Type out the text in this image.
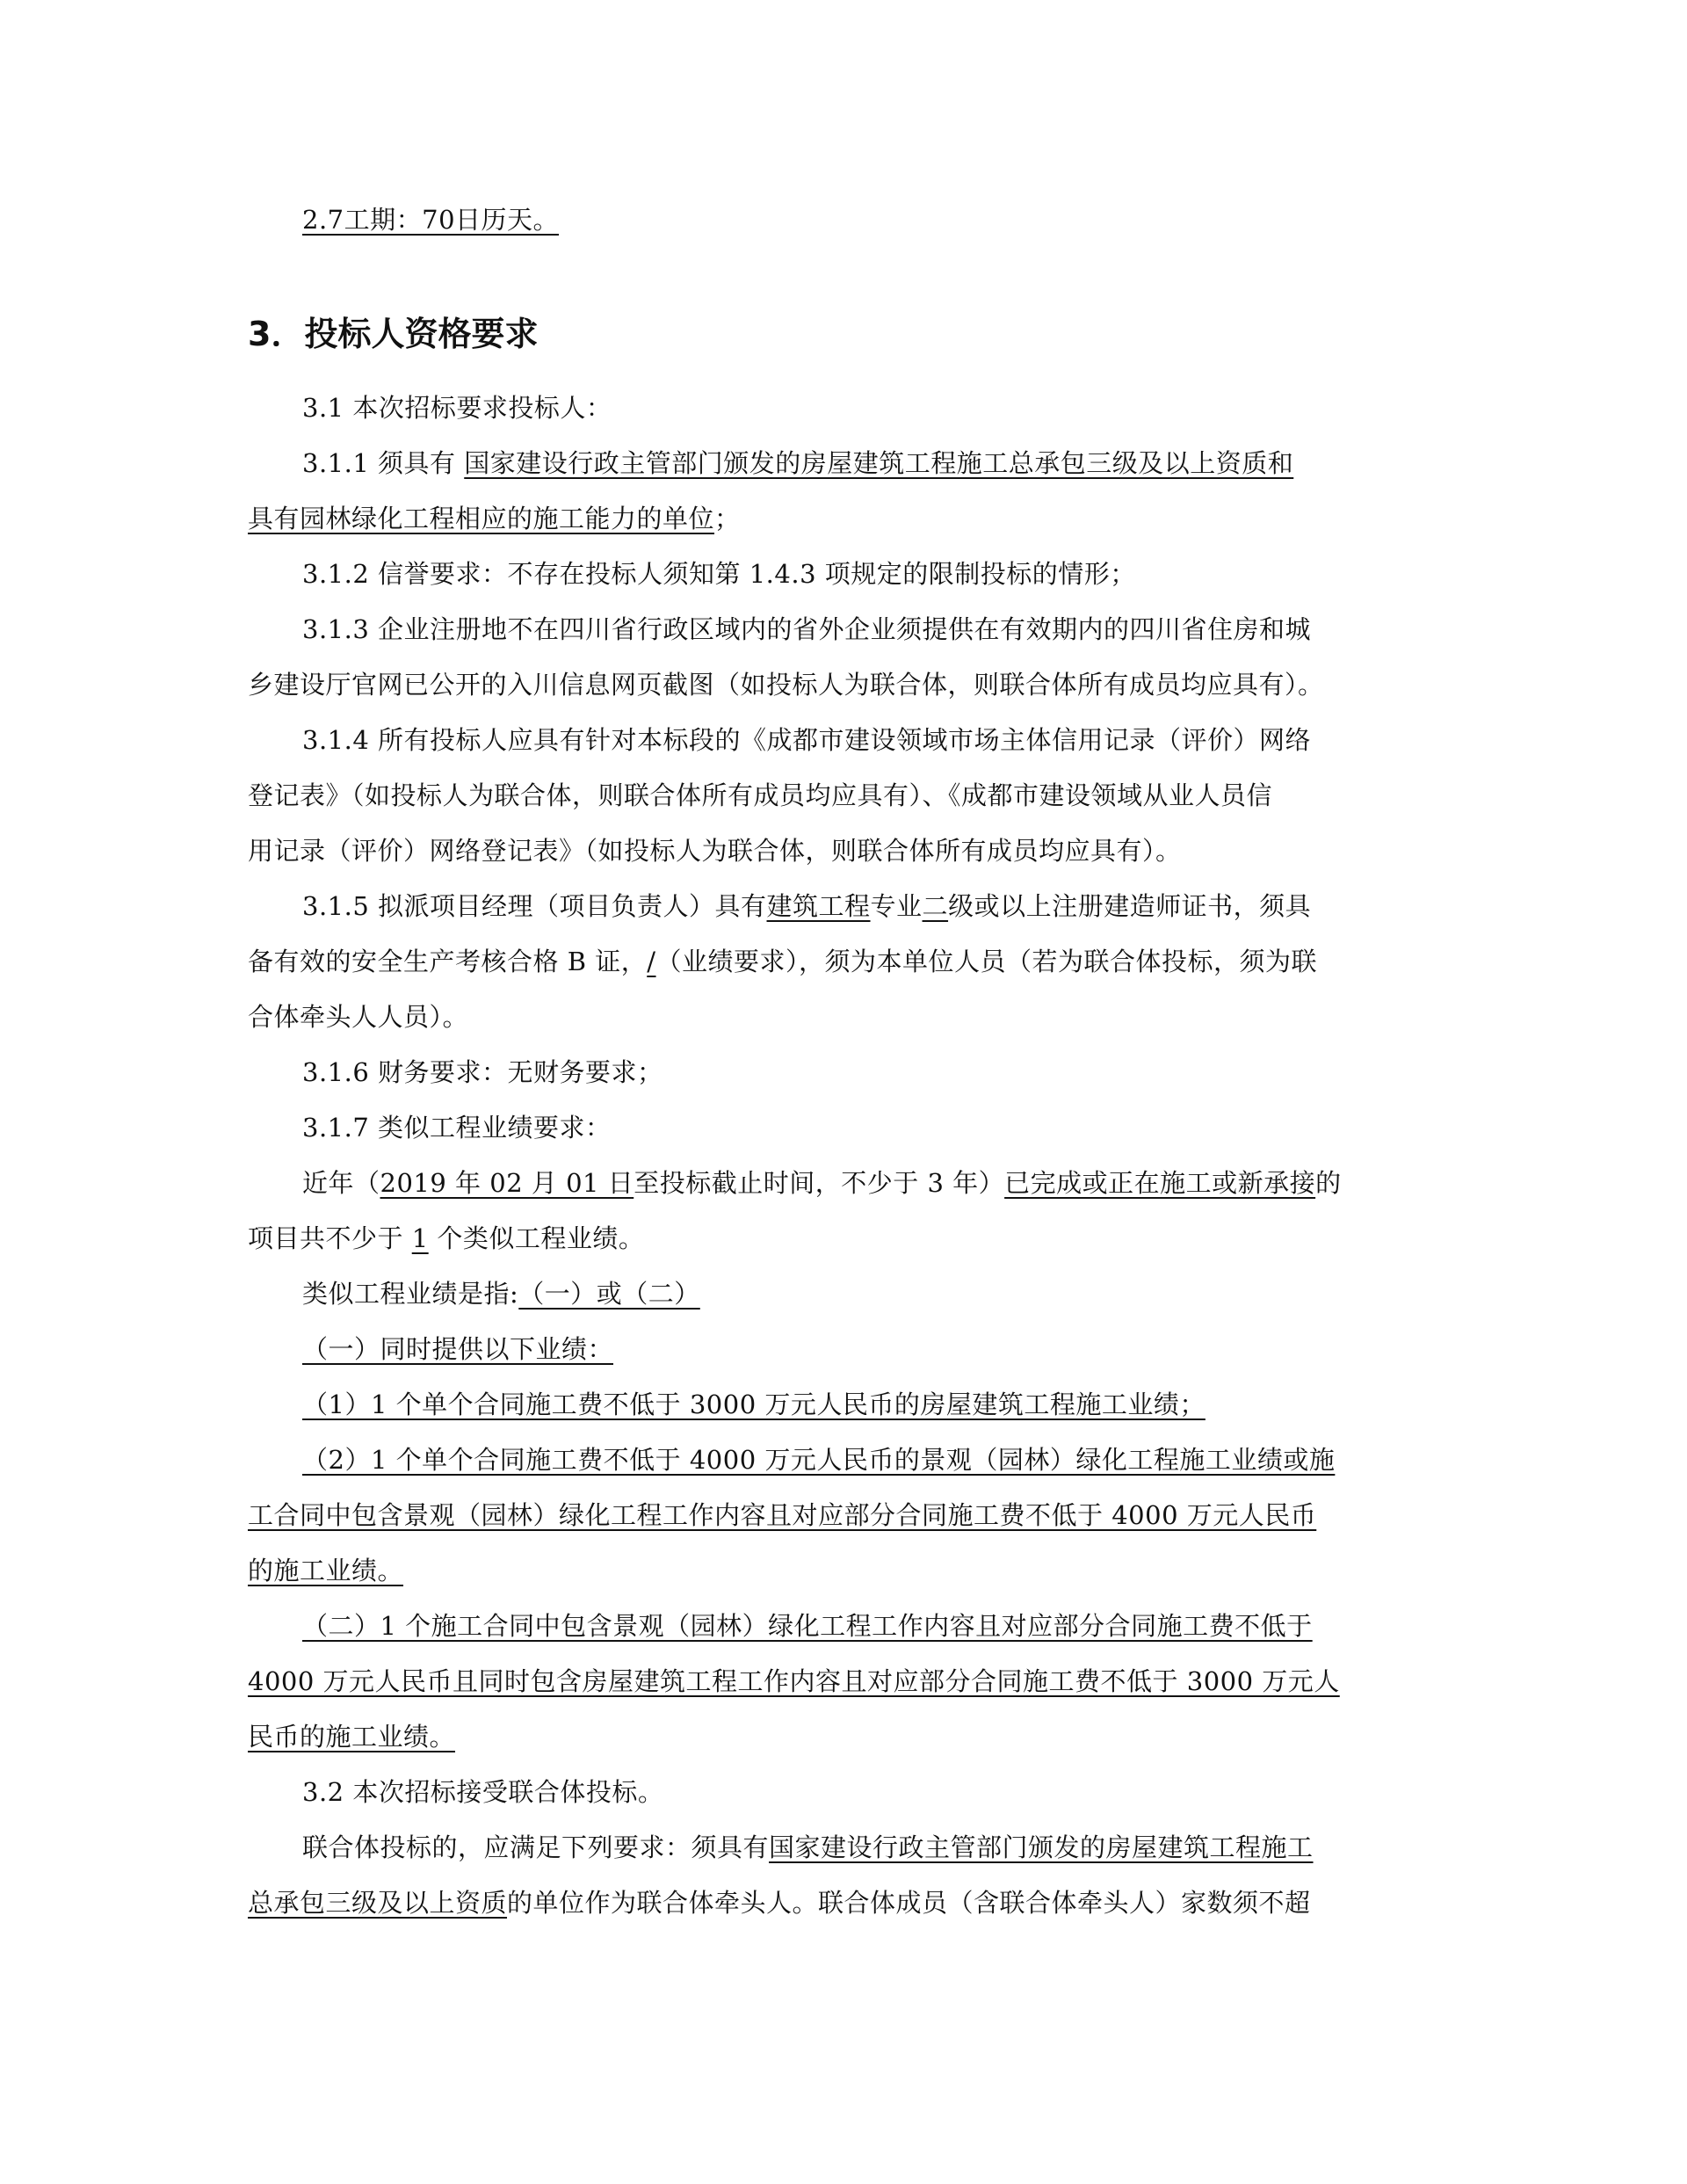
2.7工期：70日历天。
3．投标人资格要求
3.1 本次招标要求投标人：
3.1.1 须具有 国家建设行政主管部门颁发的房屋建筑工程施工总承包三级及以上资质和
具有园林绿化工程相应的施工能力的单位；
3.1.2 信誉要求：不存在投标人须知第 1.4.3 项规定的限制投标的情形；
3.1.3 企业注册地不在四川省行政区域内的省外企业须提供在有效期内的四川省住房和城
乡建设厅官网已公开的入川信息网页截图（如投标人为联合体，则联合体所有成员均应具有）。
3.1.4 所有投标人应具有针对本标段的《成都市建设领域市场主体信用记录（评价）网络
登记表》（如投标人为联合体，则联合体所有成员均应具有）、《成都市建设领域从业人员信
用记录（评价）网络登记表》（如投标人为联合体，则联合体所有成员均应具有）。
3.1.5 拟派项目经理（项目负责人）具有建筑工程专业二级或以上注册建造师证书，须具
备有效的安全生产考核合格 B 证，/（业绩要求），须为本单位人员（若为联合体投标，须为联
合体牵头人人员）。
3.1.6 财务要求：无财务要求；
3.1.7 类似工程业绩要求：
近年（2019 年 02 月 01 日至投标截止时间，不少于 3 年）已完成或正在施工或新承接的
项目共不少于 1 个类似工程业绩。
类似工程业绩是指:（一）或（二）
（一）同时提供以下业绩：
（1）1 个单个合同施工费不低于 3000 万元人民币的房屋建筑工程施工业绩；
（2）1 个单个合同施工费不低于 4000 万元人民币的景观（园林）绿化工程施工业绩或施
工合同中包含景观（园林）绿化工程工作内容且对应部分合同施工费不低于 4000 万元人民币
的施工业绩。
（二）1 个施工合同中包含景观（园林）绿化工程工作内容且对应部分合同施工费不低于
4000 万元人民币且同时包含房屋建筑工程工作内容且对应部分合同施工费不低于 3000 万元人
民币的施工业绩。
3.2 本次招标接受联合体投标。
联合体投标的，应满足下列要求：须具有国家建设行政主管部门颁发的房屋建筑工程施工
总承包三级及以上资质的单位作为联合体牵头人。联合体成员（含联合体牵头人）家数须不超
